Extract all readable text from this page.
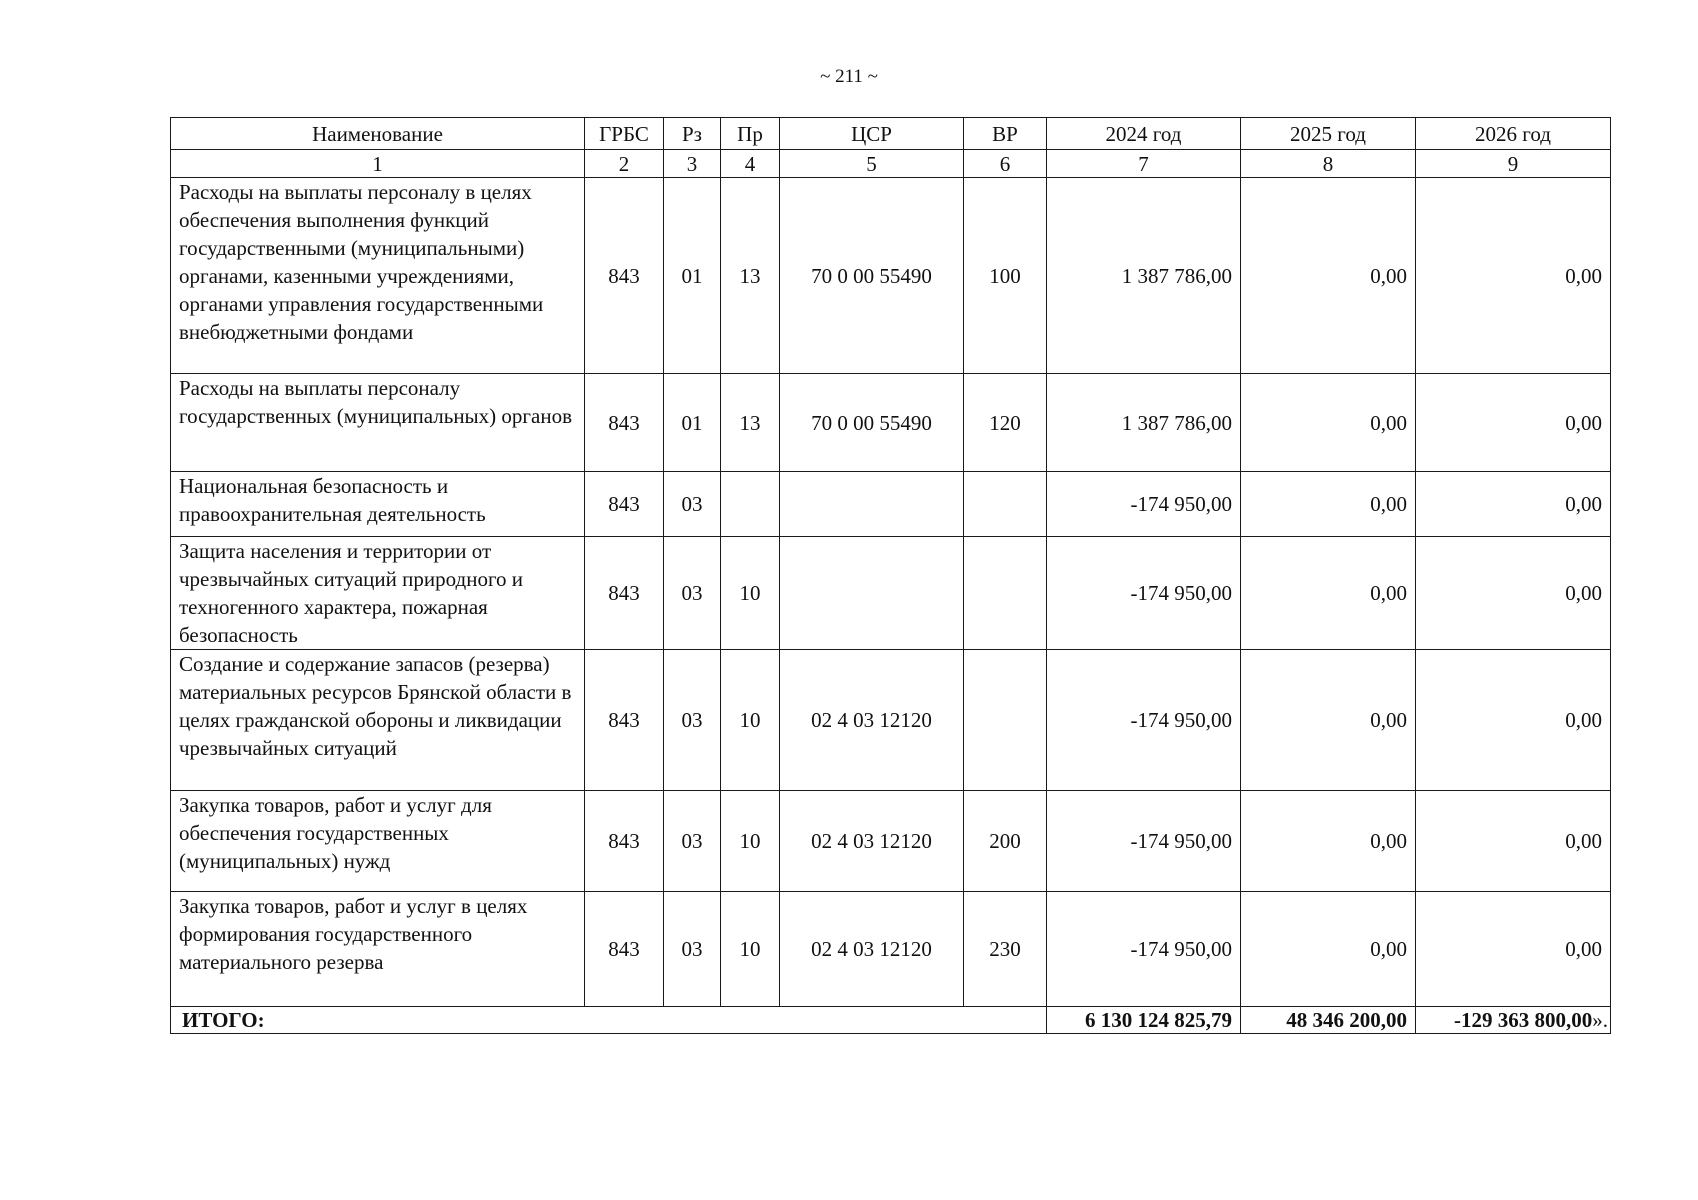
~ 211 ~
Наименование	ГРБС	Рз	Пр	ЦСР	ВР	2024 год	2025 год	2026 год
1	2	3	4	5	6	7	8	9
Расходы на выплаты персоналу в целях обеспечения выполнения функций государственными (муниципальными) органами, казенными учреждениями, органами управления государственными внебюджетными фондами	843	01	13	70 0 00 55490	100	1 387 786,00	0,00	0,00
Расходы на выплаты персоналу государственных (муниципальных) органов	843	01	13	70 0 00 55490	120	1 387 786,00	0,00	0,00
Национальная безопасность и правоохранительная деятельность	843	03				-174 950,00	0,00	0,00
Защита населения и территории от чрезвычайных ситуаций природного и техногенного характера, пожарная безопасность	843	03	10			-174 950,00	0,00	0,00
Создание и содержание запасов (резерва) материальных ресурсов Брянской области в целях гражданской обороны и ликвидации чрезвычайных ситуаций	843	03	10	02 4 03 12120		-174 950,00	0,00	0,00
Закупка товаров, работ и услуг для обеспечения государственных (муниципальных) нужд	843	03	10	02 4 03 12120	200	-174 950,00	0,00	0,00
Закупка товаров, работ и услуг в целях формирования государственного материального резерва	843	03	10	02 4 03 12120	230	-174 950,00	0,00	0,00
ИТОГО:						6 130 124 825,79	48 346 200,00	-129 363 800,00».
